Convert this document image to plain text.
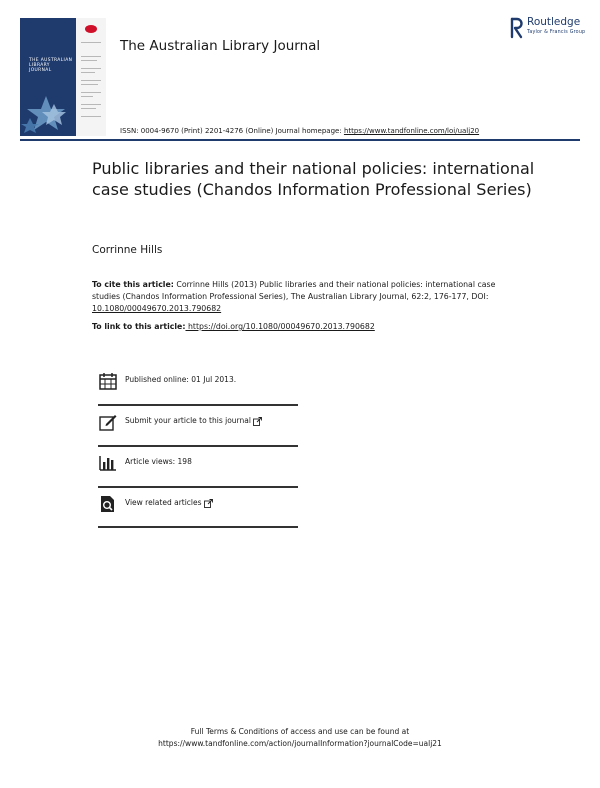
THE AUSTRALIAN
LIBRARY JOURNAL
The Australian Library Journal
Routledge
Taylor & Francis Group
ISSN: 0004-9670 (Print) 2201-4276 (Online) Journal homepage: https://www.tandfonline.com/loi/ualj20
Public libraries and their national policies: international case studies (Chandos Information Professional Series)
Corrinne Hills
To cite this article: Corrinne Hills (2013) Public libraries and their national policies: international case studies (Chandos Information Professional Series), The Australian Library Journal, 62:2, 176-177, DOI: 10.1080/00049670.2013.790682
To link to this article: https://doi.org/10.1080/00049670.2013.790682
Published online: 01 Jul 2013.
Submit your article to this journal
Article views: 198
View related articles
Full Terms & Conditions of access and use can be found at
https://www.tandfonline.com/action/journalInformation?journalCode=ualj21
